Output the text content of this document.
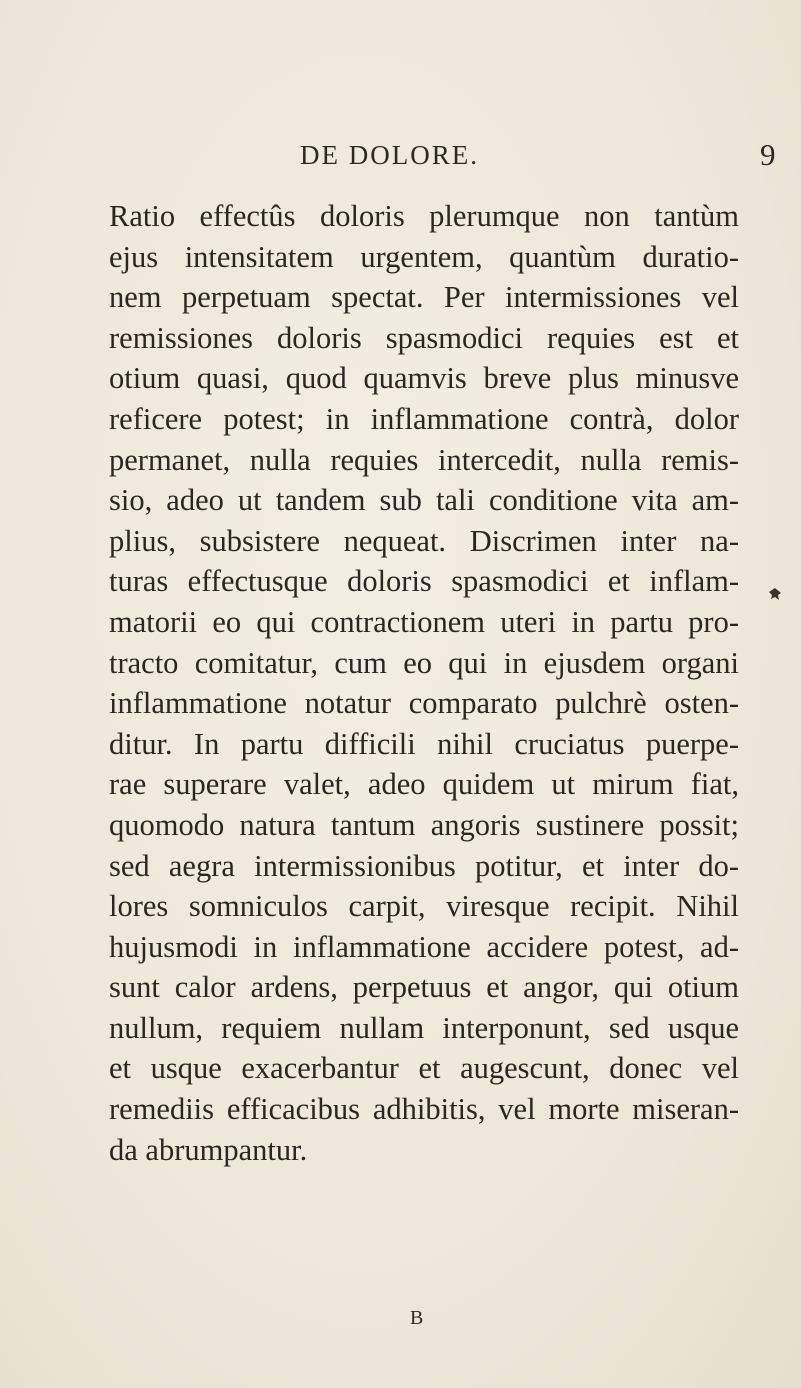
DE DOLORE.	9
Ratio effectûs doloris plerumque non tantùm
ejus intensitatem urgentem, quantùm duratio-
nem perpetuam spectat. Per intermissiones vel
remissiones doloris spasmodici requies est et
otium quasi, quod quamvis breve plus minusve
reficere potest; in inflammatione contrà, dolor
permanet, nulla requies intercedit, nulla remis-
sio, adeo ut tandem sub tali conditione vita am-
plius, subsistere nequeat. Discrimen inter na-
turas effectusque doloris spasmodici et inflam-
matorii eo qui contractionem uteri in partu pro-
tracto comitatur, cum eo qui in ejusdem organi
inflammatione notatur comparato pulchrè osten-
ditur. In partu difficili nihil cruciatus puerpe-
rae superare valet, adeo quidem ut mirum fiat,
quomodo natura tantum angoris sustinere possit;
sed aegra intermissionibus potitur, et inter do-
lores somniculos carpit, viresque recipit. Nihil
hujusmodi in inflammatione accidere potest, ad-
sunt calor ardens, perpetuus et angor, qui otium
nullum, requiem nullam interponunt, sed usque
et usque exacerbantur et augescunt, donec vel
remediis efficacibus adhibitis, vel morte miseran-
da abrumpantur.
B
